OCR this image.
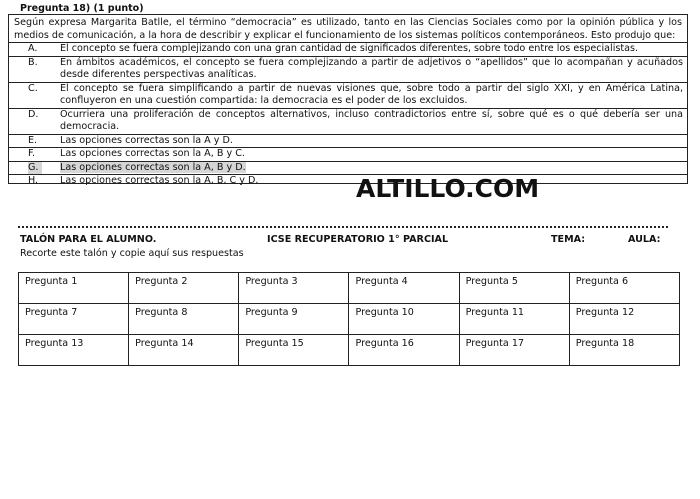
Pregunta 18) (1 punto)
Según expresa Margarita Batlle, el término “democracia” es utilizado, tanto en las Ciencias Sociales como por la opinión pública y los medios de comunicación, a la hora de describir y explicar el funcionamiento de los sistemas políticos contemporáneos. Esto produjo que:
A.	El concepto se fuera complejizando con una gran cantidad de significados diferentes, sobre todo entre los especialistas.
B.	En ámbitos académicos, el concepto se fuera complejizando a partir de adjetivos o “apellidos” que lo acompañan y acuñados desde diferentes perspectivas analíticas.
C.	El concepto se fuera simplificando a partir de nuevas visiones que, sobre todo a partir del siglo XXI, y en América Latina, confluyeron en una cuestión compartida: la democracia es el poder de los excluidos.
D.	Ocurriera una proliferación de conceptos alternativos, incluso contradictorios entre sí, sobre qué es o qué debería ser una democracia.
E.	Las opciones correctas son la A y D.
F.	Las opciones correctas son la A, B y C.
G.	Las opciones correctas son la A, B y D.
H.	Las opciones correctas son la A, B, C y D.	ALTILLO.COM
TALÓN PARA EL ALUMNO.	ICSE RECUPERATORIO 1° PARCIAL	TEMA:	AULA:
Recorte este talón y copie aquí sus respuestas
Pregunta 1	Pregunta 2	Pregunta 3	Pregunta 4	Pregunta 5	Pregunta 6
Pregunta 7	Pregunta 8	Pregunta 9	Pregunta 10	Pregunta 11	Pregunta 12
Pregunta 13	Pregunta 14	Pregunta 15	Pregunta 16	Pregunta 17	Pregunta 18
